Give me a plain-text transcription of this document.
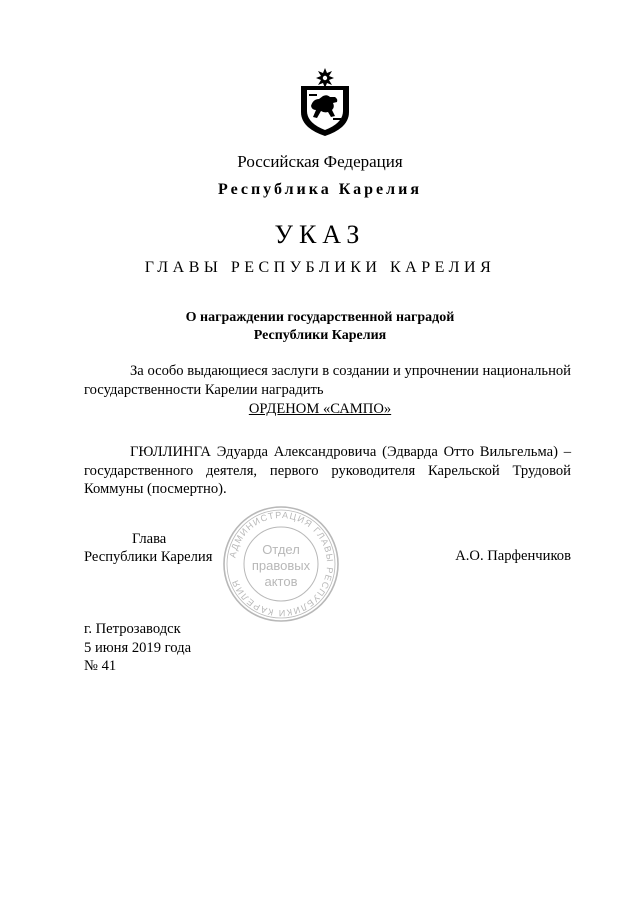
Российская Федерация
Республика Карелия
УКАЗ
ГЛАВЫ РЕСПУБЛИКИ КАРЕЛИЯ
О награждении государственной наградой
Республики Карелия
За особо выдающиеся заслуги в создании и упрочнении национальной государственности Карелии наградить
ОРДЕНОМ «САМПО»
ГЮЛЛИНГА Эдуарда Александровича (Эдварда Отто Вильгельма) – государственного деятеля, первого руководителя Карельской Трудовой Коммуны (посмертно).
АДМИНИСТРАЦИЯ ГЛАВЫ РЕСПУБЛИКИ КАРЕЛИЯ
Отдел
правовых
актов
Глава
Республики Карелия	А.О. Парфенчиков
г. Петрозаводск
5 июня 2019 года
№ 41
